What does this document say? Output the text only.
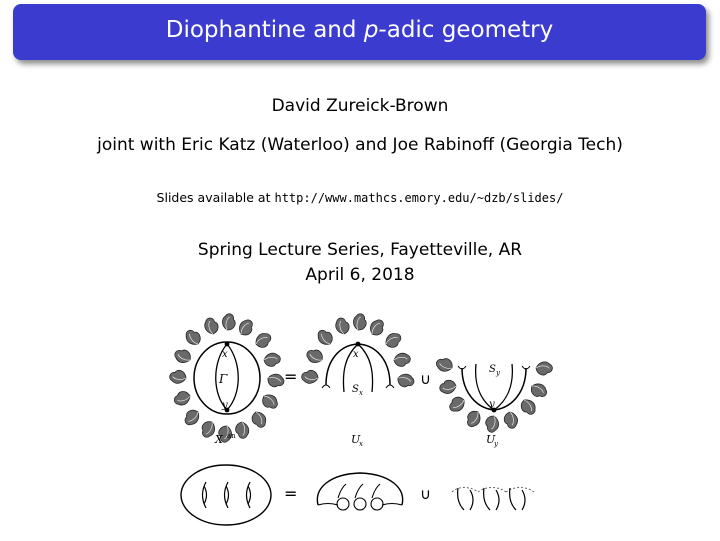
Diophantine and p-adic geometry
David Zureick-Brown
joint with Eric Katz (Waterloo) and Joe Rabinoff (Georgia Tech)
Slides available at http://www.mathcs.emory.edu/~dzb/slides/
Spring Lecture Series, Fayetteville, AR
April 6, 2018
x
y
Γ
X an
=
x
S x
U
x
∪
S y
y
U
y
=	∪
